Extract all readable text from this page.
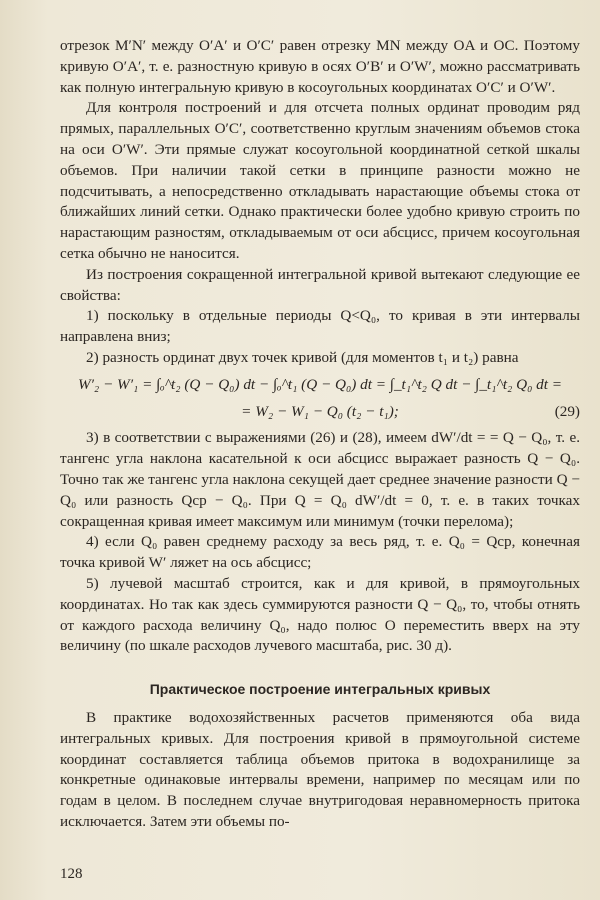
отрезок M′N′ между O′A′ и O′C′ равен отрезку MN между OA и OC. Поэтому кривую O′A′, т. е. разностную кривую в осях O′B′ и O′W′, можно рассматривать как полную интегральную кривую в косоугольных координатах O′C′ и O′W′.

Для контроля построений и для отсчета полных ординат проводим ряд прямых, параллельных O′C′, соответственно круглым значениям объемов стока на оси O′W′. Эти прямые служат косоугольной координатной сеткой шкалы объемов. При наличии такой сетки в принципе разности можно не подсчитывать, а непосредственно откладывать нарастающие объемы стока от ближайших линий сетки. Однако практически более удобно кривую строить по нарастающим разностям, откладываемым от оси абсцисс, причем косоугольная сетка обычно не наносится.

Из построения сокращенной интегральной кривой вытекают следующие ее свойства:

1) поскольку в отдельные периоды Q<Q₀, то кривая в эти интервалы направлена вниз;

2) разность ординат двух точек кривой (для моментов t₁ и t₂) равна

W′₂ − W′₁ = ∫ₒ^t₂ (Q − Q₀) dt − ∫ₒ^t₁ (Q − Q₀) dt = ∫_t₁^t₂ Q dt − ∫_t₁^t₂ Q₀ dt =
= W₂ − W₁ − Q₀ (t₂ − t₁);	(29)

3) в соответствии с выражениями (26) и (28), имеем dW′/dt = = Q − Q₀, т. е. тангенс угла наклона касательной к оси абсцисс выражает разность Q − Q₀. Точно так же тангенс угла наклона секущей дает среднее значение разности Q − Q₀ или разность Qср − Q₀. При Q = Q₀ dW′/dt = 0, т. е. в таких точках сокращенная кривая имеет максимум или минимум (точки перелома);

4) если Q₀ равен среднему расходу за весь ряд, т. е. Q₀ = Qср, конечная точка кривой W′ ляжет на ось абсцисс;

5) лучевой масштаб строится, как и для кривой, в прямоугольных координатах. Но так как здесь суммируются разности Q − Q₀, то, чтобы отнять от каждого расхода величину Q₀, надо полюс O переместить вверх на эту величину (по шкале расходов лучевого масштаба, рис. 30 д).

Практическое построение интегральных кривых

В практике водохозяйственных расчетов применяются оба вида интегральных кривых. Для построения кривой в прямоугольной системе координат составляется таблица объемов притока в водохранилище за конкретные одинаковые интервалы времени, например по месяцам или по годам в целом. В последнем случае внутригодовая неравномерность притока исключается. Затем эти объемы по-

128
